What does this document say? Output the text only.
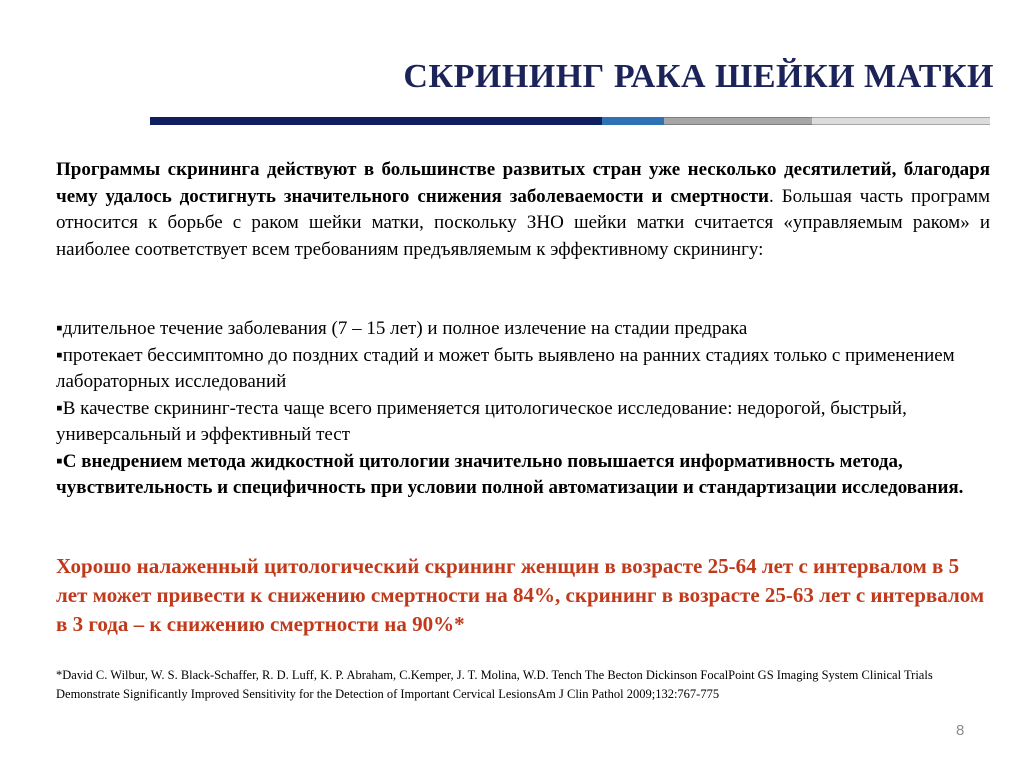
СКРИНИНГ РАКА ШЕЙКИ МАТКИ
Программы скрининга действуют в большинстве развитых стран уже несколько десятилетий, благодаря чему удалось достигнуть значительного снижения заболеваемости и смертности. Большая часть программ относится к борьбе с раком шейки матки, поскольку ЗНО шейки матки считается «управляемым раком» и наиболее соответствует всем требованиям предъявляемым к эффективному скринингу:

▪длительное течение заболевания (7 – 15 лет) и полное излечение на стадии предрака

▪протекает бессимптомно до поздних стадий и может быть выявлено на ранних стадиях только с применением лабораторных исследований

▪В качестве скрининг-теста чаще всего применяется цитологическое исследование: недорогой, быстрый, универсальный и эффективный тест

▪С внедрением метода жидкостной цитологии значительно повышается информативность метода, чувствительность и специфичность при условии полной автоматизации и стандартизации исследования.

Хорошо налаженный цитологический скрининг женщин в возрасте 25-64 лет с интервалом в 5 лет может привести к снижению смертности на 84%, скрининг в возрасте 25-63 лет с интервалом в 3 года – к снижению смертности на 90%*
*David C. Wilbur, W. S. Black-Schaffer, R. D. Luff, K. P. Abraham, C.Kemper, J. T. Molina, W.D. Tench The Becton Dickinson FocalPoint GS Imaging System Clinical Trials Demonstrate Significantly Improved Sensitivity for the Detection of Important Cervical LesionsAm J Clin Pathol 2009;132:767-775
8
